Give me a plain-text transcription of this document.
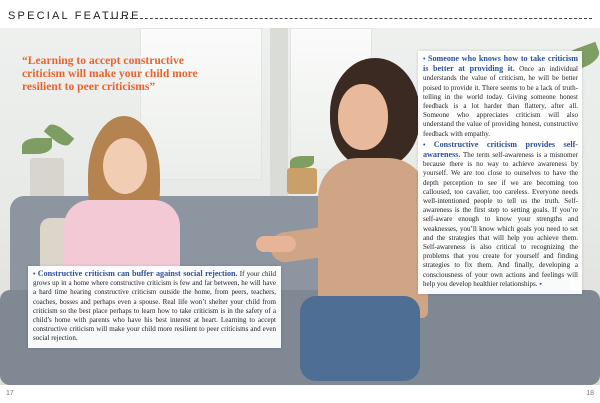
SPECIAL FEATURE
“Learning to accept constructive criticism will make your child more resilient to peer criticisms”

• Constructive criticism can buffer against social rejection. If your child grows up in a home where constructive criticism is few and far between, he will have a hard time hearing constructive criticism outside the home, from peers, teachers, coaches, bosses and perhaps even a spouse. Real life won’t shelter your child from criticism so the best place perhaps to learn how to take criticism is in the safety of a child’s home with parents who have his best interest at heart. Learning to accept constructive criticism will make your child more resilient to peer criticisms and even social rejection.

• Someone who knows how to take criticism is better at providing it. Once an individual understands the value of criticism, he will be better poised to provide it. There seems to be a lack of truth-telling in the world today. Giving someone honest feedback is a lot harder than flattery, after all. Someone who appreciates criticism will also understand the value of providing honest, constructive feedback with empathy.

• Constructive criticism provides self-awareness. The term self-awareness is a misnomer because there is no way to achieve awareness by yourself. We are too close to ourselves to have the depth perception to see if we are becoming too calloused, too cavalier, too careless. Everyone needs well-intentioned people to tell us the truth. Self-awareness is the first step to setting goals. If you’re self-aware enough to know your strengths and weaknesses, you’ll know which goals you need to set and the strategies that will help you achieve them. Self-awareness is also critical to recognizing the problems that you create for yourself and finding strategies to fix them. And finally, developing a consciousness of your own actions and feelings will help you develop healthier relationships. ▪

17	18
